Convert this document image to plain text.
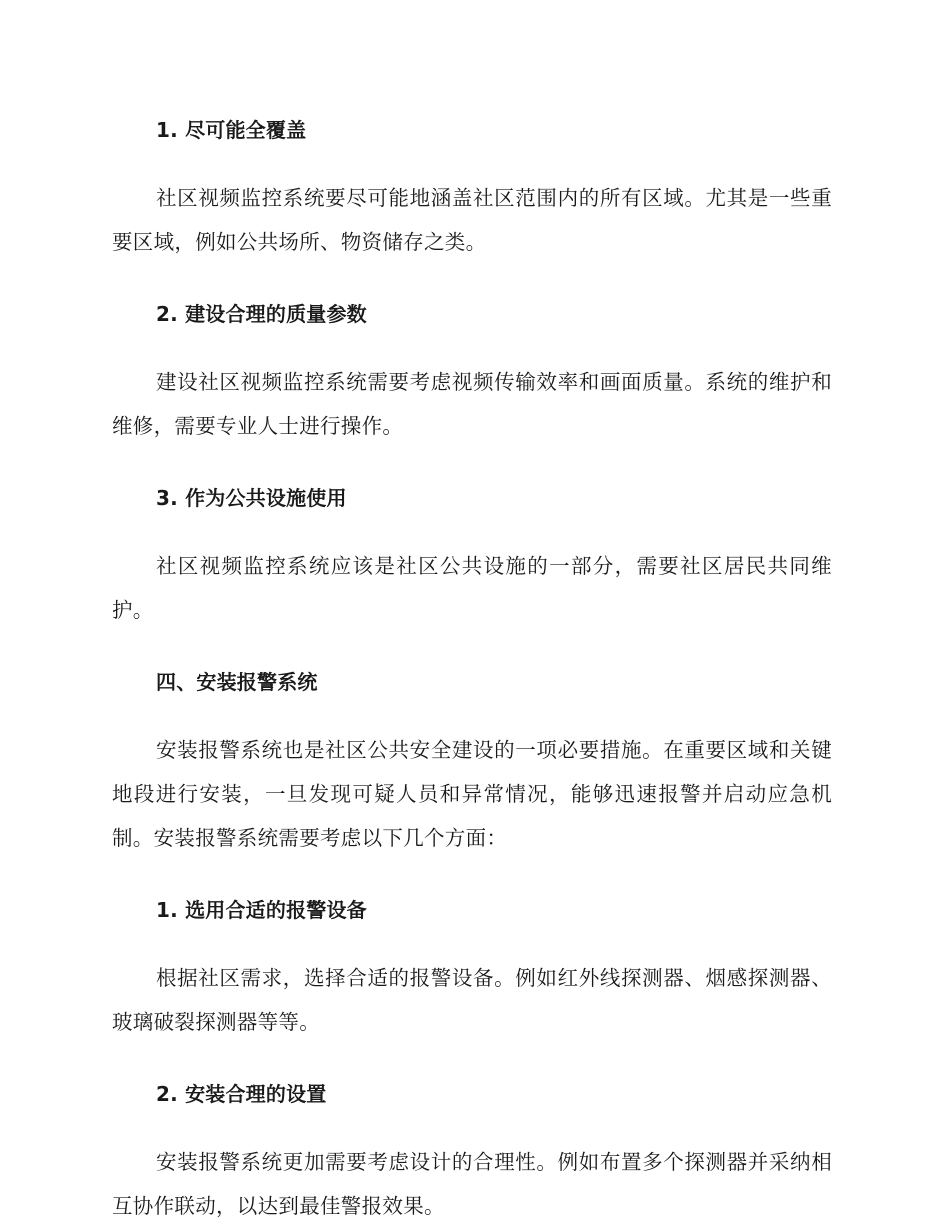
1. 尽可能全覆盖

社区视频监控系统要尽可能地涵盖社区范围内的所有区域。尤其是一些重要区域，例如公共场所、物资储存之类。

2. 建设合理的质量参数

建设社区视频监控系统需要考虑视频传输效率和画面质量。系统的维护和维修，需要专业人士进行操作。

3. 作为公共设施使用

社区视频监控系统应该是社区公共设施的一部分，需要社区居民共同维护。

四、安装报警系统

安装报警系统也是社区公共安全建设的一项必要措施。在重要区域和关键地段进行安装，一旦发现可疑人员和异常情况，能够迅速报警并启动应急机制。安装报警系统需要考虑以下几个方面：

1. 选用合适的报警设备

根据社区需求，选择合适的报警设备。例如红外线探测器、烟感探测器、玻璃破裂探测器等等。

2. 安装合理的设置

安装报警系统更加需要考虑设计的合理性。例如布置多个探测器并采纳相互协作联动，以达到最佳警报效果。
